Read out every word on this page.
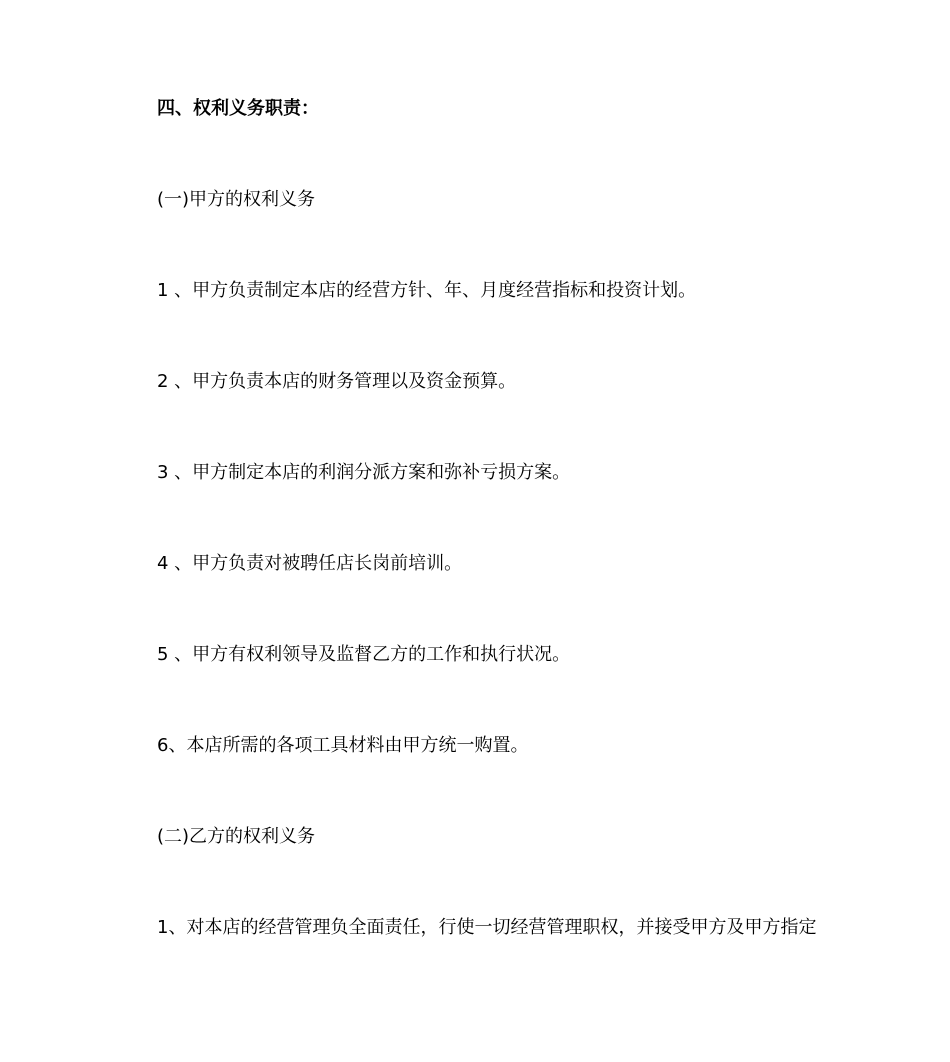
四、权利义务职责：
(一)甲方的权利义务
1 、甲方负责制定本店的经营方针、年、月度经营指标和投资计划。
2 、甲方负责本店的财务管理以及资金预算。
3 、甲方制定本店的利润分派方案和弥补亏损方案。
4 、甲方负责对被聘任店长岗前培训。
5 、甲方有权利领导及监督乙方的工作和执行状况。
6、本店所需的各项工具材料由甲方统一购置。
(二)乙方的权利义务
1、对本店的经营管理负全面责任，行使一切经营管理职权，并接受甲方及甲方指定
